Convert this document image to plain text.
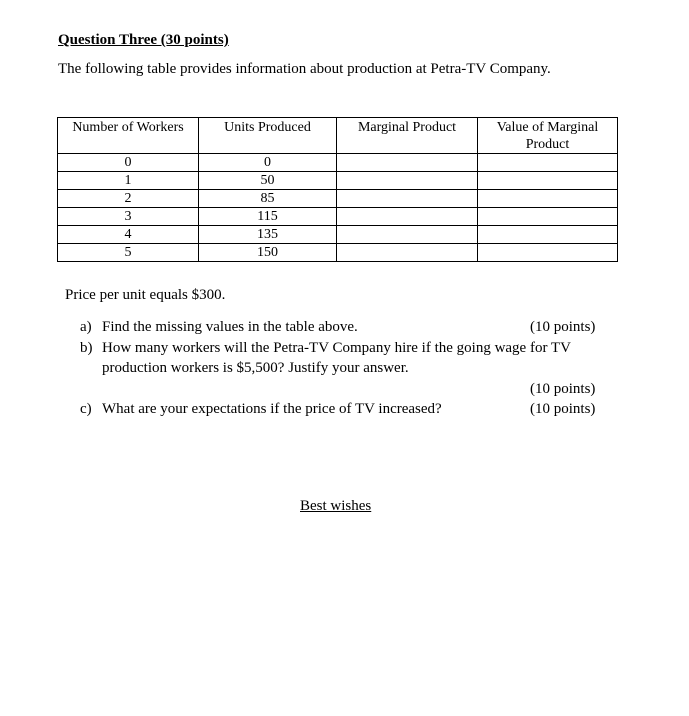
Question Three (30 points)
The following table provides information about production at Petra-TV Company.
Number of Workers	Units Produced	Marginal Product	Value of Marginal Product
0	0		
1	50		
2	85		
3	115		
4	135		
5	150		
Price per unit equals $300.
a) Find the missing values in the table above.	(10 points)
b) How many workers will the Petra-TV Company hire if the going wage for TV
production workers is $5,500? Justify your answer.
(10 points)
c) What are your expectations if the price of TV increased?	(10 points)
Best wishes
